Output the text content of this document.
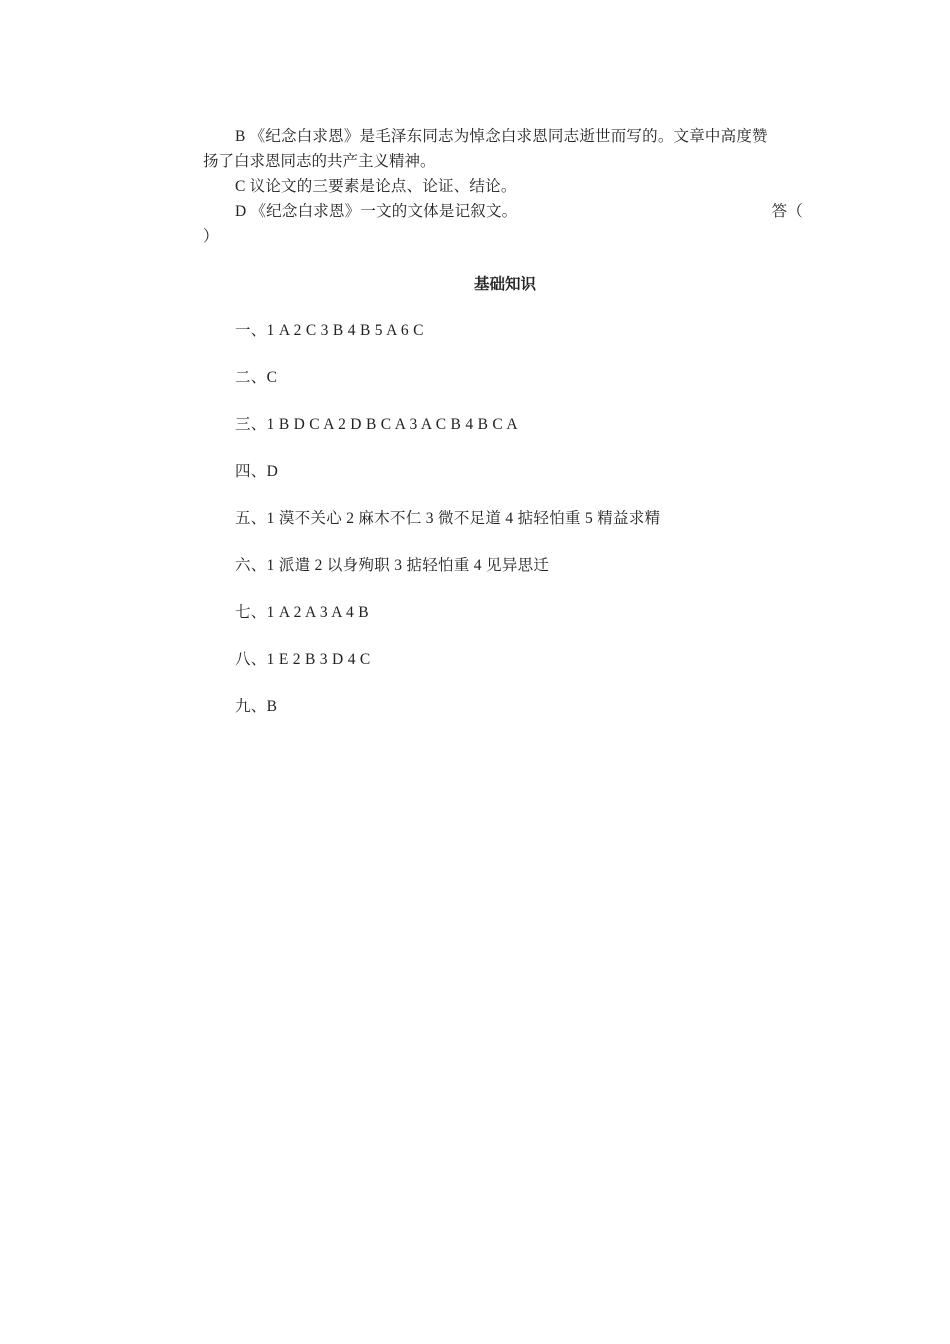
B 《纪念白求恩》是毛泽东同志为悼念白求恩同志逝世而写的。文章中高度赞

扬了白求恩同志的共产主义精神。

C 议论文的三要素是论点、论证、结论。

D 《纪念白求恩》一文的文体是记叙文。	答（

）

基础知识
一、1 A 2 C 3 B 4 B 5 A 6 C
二、C
三、1 B D C A 2 D B C A 3 A C B 4 B C A
四、D
五、1 漠不关心 2 麻木不仁 3 微不足道 4 掂轻怕重 5 精益求精
六、1 派遣 2 以身殉职 3 掂轻怕重 4 见异思迁
七、1 A 2 A 3 A 4 B
八、1 E 2 B 3 D 4 C
九、B
